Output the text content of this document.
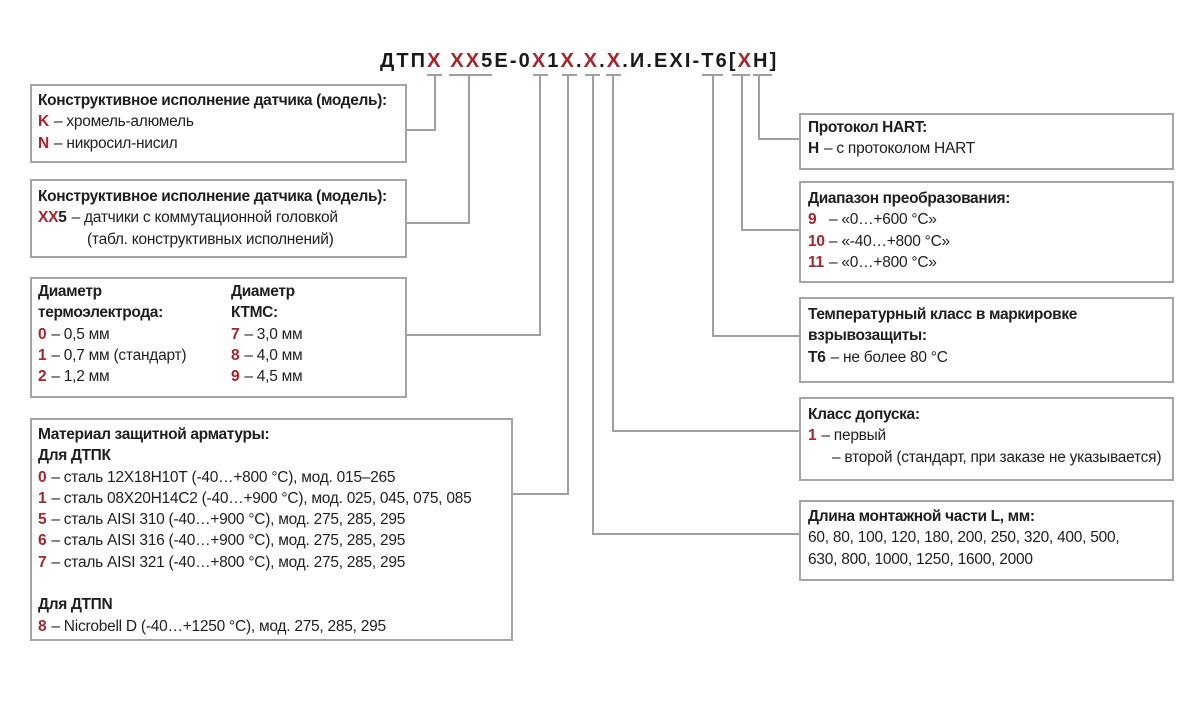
ДТПX XX5E-0X1X.X.X.И.EXI-T6[XH]
Конструктивное исполнение датчика (модель):
K – хромель-алюмель
N – никросил-нисил
Конструктивное исполнение датчика (модель):
XX5 – датчики с коммутационной головкой
(табл. конструктивных исполнений)
Диаметр
термоэлектрода:
0 – 0,5 мм
1 – 0,7 мм (стандарт)
2 – 1,2 мм
Диаметр
КТМС:
7 – 3,0 мм
8 – 4,0 мм
9 – 4,5 мм
Материал защитной арматуры:
Для ДТПК
0 – сталь 12Х18Н10Т (-40…+800 °C), мод. 015–265
1 – сталь 08Х20Н14С2 (-40…+900 °C), мод. 025, 045, 075, 085
5 – сталь AISI 310 (-40…+900 °C), мод. 275, 285, 295
6 – сталь AISI 316 (-40…+900 °C), мод. 275, 285, 295
7 – сталь AISI 321 (-40…+800 °C), мод. 275, 285, 295
Для ДТПN
8 – Nicrobell D (-40…+1250 °C), мод. 275, 285, 295
Протокол HART:
H – с протоколом HART
Диапазон преобразования:
9 – «0…+600 °C»
10 – «-40…+800 °C»
11 – «0…+800 °C»
Температурный класс в маркировке
взрывозащиты:
T6 – не более 80 °C
Класс допуска:
1 – первый
– второй (стандарт, при заказе не указывается)
Длина монтажной части L, мм:
60, 80, 100, 120, 180, 200, 250, 320, 400, 500,
630, 800, 1000, 1250, 1600, 2000
